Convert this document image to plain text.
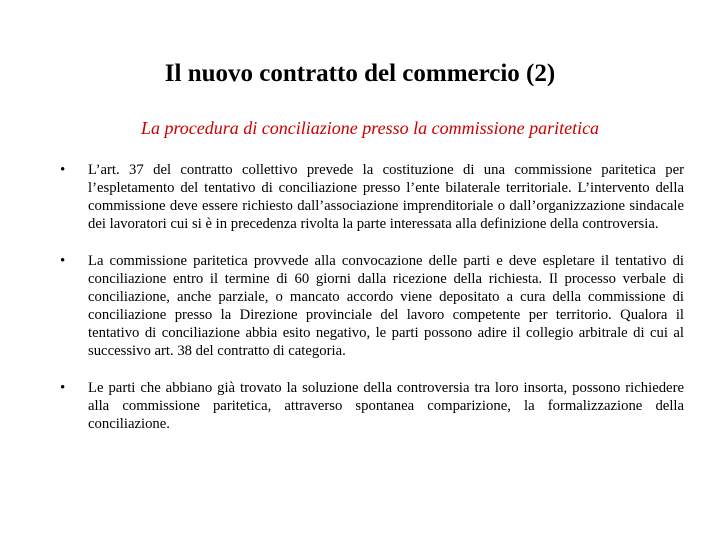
Il nuovo contratto del commercio (2)
La procedura di conciliazione presso la commissione paritetica
• L’art. 37 del contratto collettivo prevede la costituzione di una commissione paritetica per l’espletamento del tentativo di conciliazione presso l’ente bilaterale territoriale. L’intervento della commissione deve essere richiesto dall’associazione imprenditoriale o dall’organizzazione sindacale dei lavoratori cui si è in precedenza rivolta la parte interessata alla definizione della controversia.
• La commissione paritetica provvede alla convocazione delle parti e deve espletare il tentativo di conciliazione entro il termine di 60 giorni dalla ricezione della richiesta. Il processo verbale di conciliazione, anche parziale, o mancato accordo viene depositato a cura della commissione di conciliazione presso la Direzione provinciale del lavoro competente per territorio. Qualora il tentativo di conciliazione abbia esito negativo, le parti possono adire il collegio arbitrale di cui al successivo art. 38 del contratto di categoria.
• Le parti che abbiano già trovato la soluzione della controversia tra loro insorta, possono richiedere alla commissione paritetica, attraverso spontanea comparizione, la formalizzazione della conciliazione.
